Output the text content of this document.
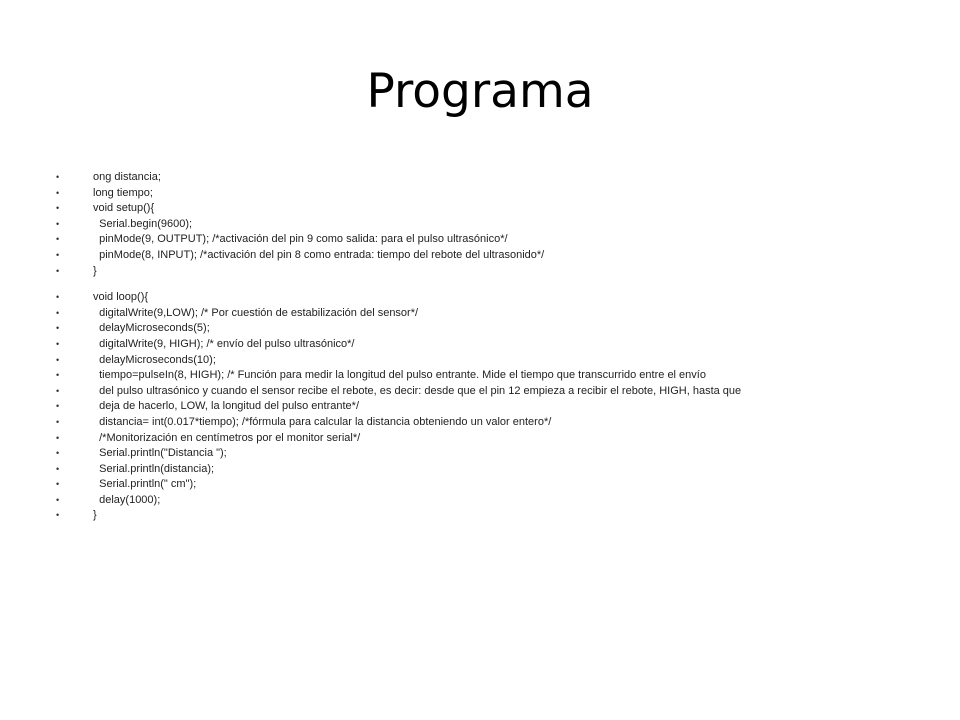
Programa
•	ong distancia;
•	long tiempo;
•	void setup(){
•	Serial.begin(9600);
•	pinMode(9, OUTPUT); /*activación del pin 9 como salida: para el pulso ultrasónico*/
•	pinMode(8, INPUT); /*activación del pin 8 como entrada: tiempo del rebote del ultrasonido*/
•	}
•	void loop(){
•	digitalWrite(9,LOW); /* Por cuestión de estabilización del sensor*/
•	delayMicroseconds(5);
•	digitalWrite(9, HIGH); /* envío del pulso ultrasónico*/
•	delayMicroseconds(10);
•	tiempo=pulseIn(8, HIGH); /* Función para medir la longitud del pulso entrante. Mide el tiempo que transcurrido entre el envío
•	del pulso ultrasónico y cuando el sensor recibe el rebote, es decir: desde que el pin 12 empieza a recibir el rebote, HIGH, hasta que
•	deja de hacerlo, LOW, la longitud del pulso entrante*/
•	distancia= int(0.017*tiempo); /*fórmula para calcular la distancia obteniendo un valor entero*/
•	/*Monitorización en centímetros por el monitor serial*/
•	Serial.println("Distancia ");
•	Serial.println(distancia);
•	Serial.println(" cm");
•	delay(1000);
•	}
